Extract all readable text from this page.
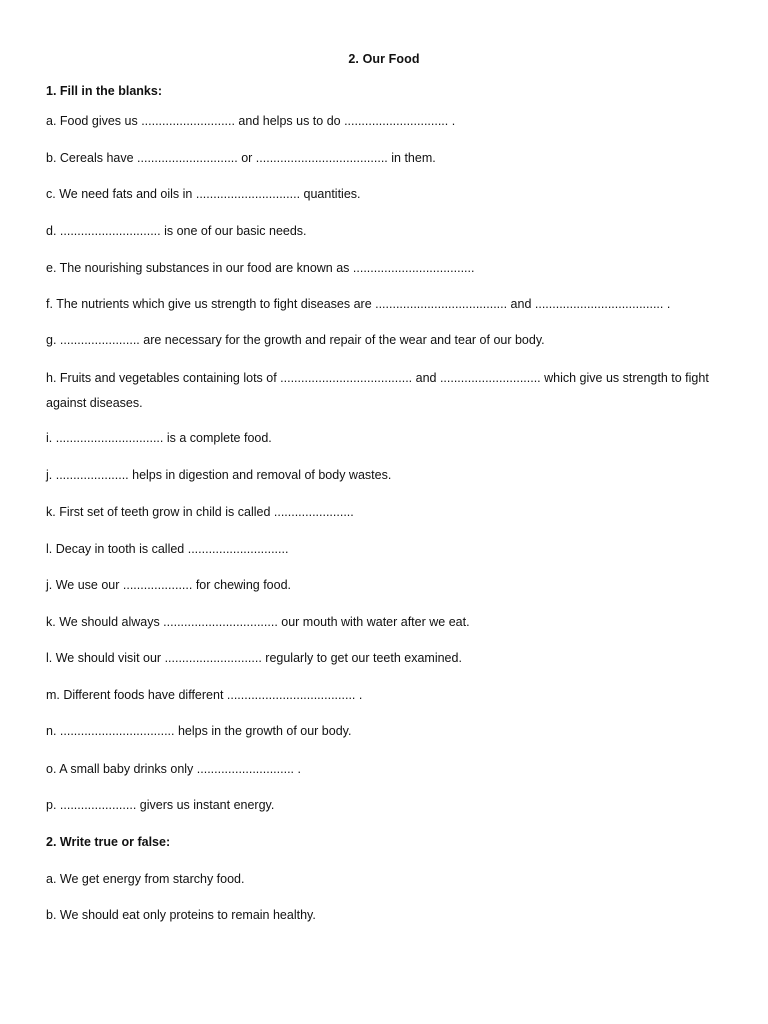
2. Our Food
1. Fill in the blanks:
a. Food gives us ........................... and helps us to do .............................. .
b. Cereals have ............................. or ...................................... in them.
c. We need fats and oils in .............................. quantities.
d. ............................. is one of our basic needs.
e. The nourishing substances in our food are known as ...................................
f. The nutrients which give us strength to fight diseases are ...................................... and ..................................... .
g. ....................... are necessary for the growth and repair of the wear and tear of our body.
h. Fruits and vegetables containing lots of ...................................... and ............................. which give us strength to fight against diseases.
i. ............................... is a complete food.
j. ..................... helps in digestion and removal of body wastes.
k. First set of teeth grow in child is called .......................
l. Decay in tooth is called .............................
j. We use our .................... for chewing food.
k. We should always ................................. our mouth with water after we eat.
l. We should visit our ............................ regularly to get our teeth examined.
m. Different foods have different ..................................... .
n. ................................. helps in the growth of our body.
o. A small baby drinks only ............................ .
p. ...................... givers us instant energy.
2. Write true or false:
a. We get energy from starchy food.
b. We should eat only proteins to remain healthy.
